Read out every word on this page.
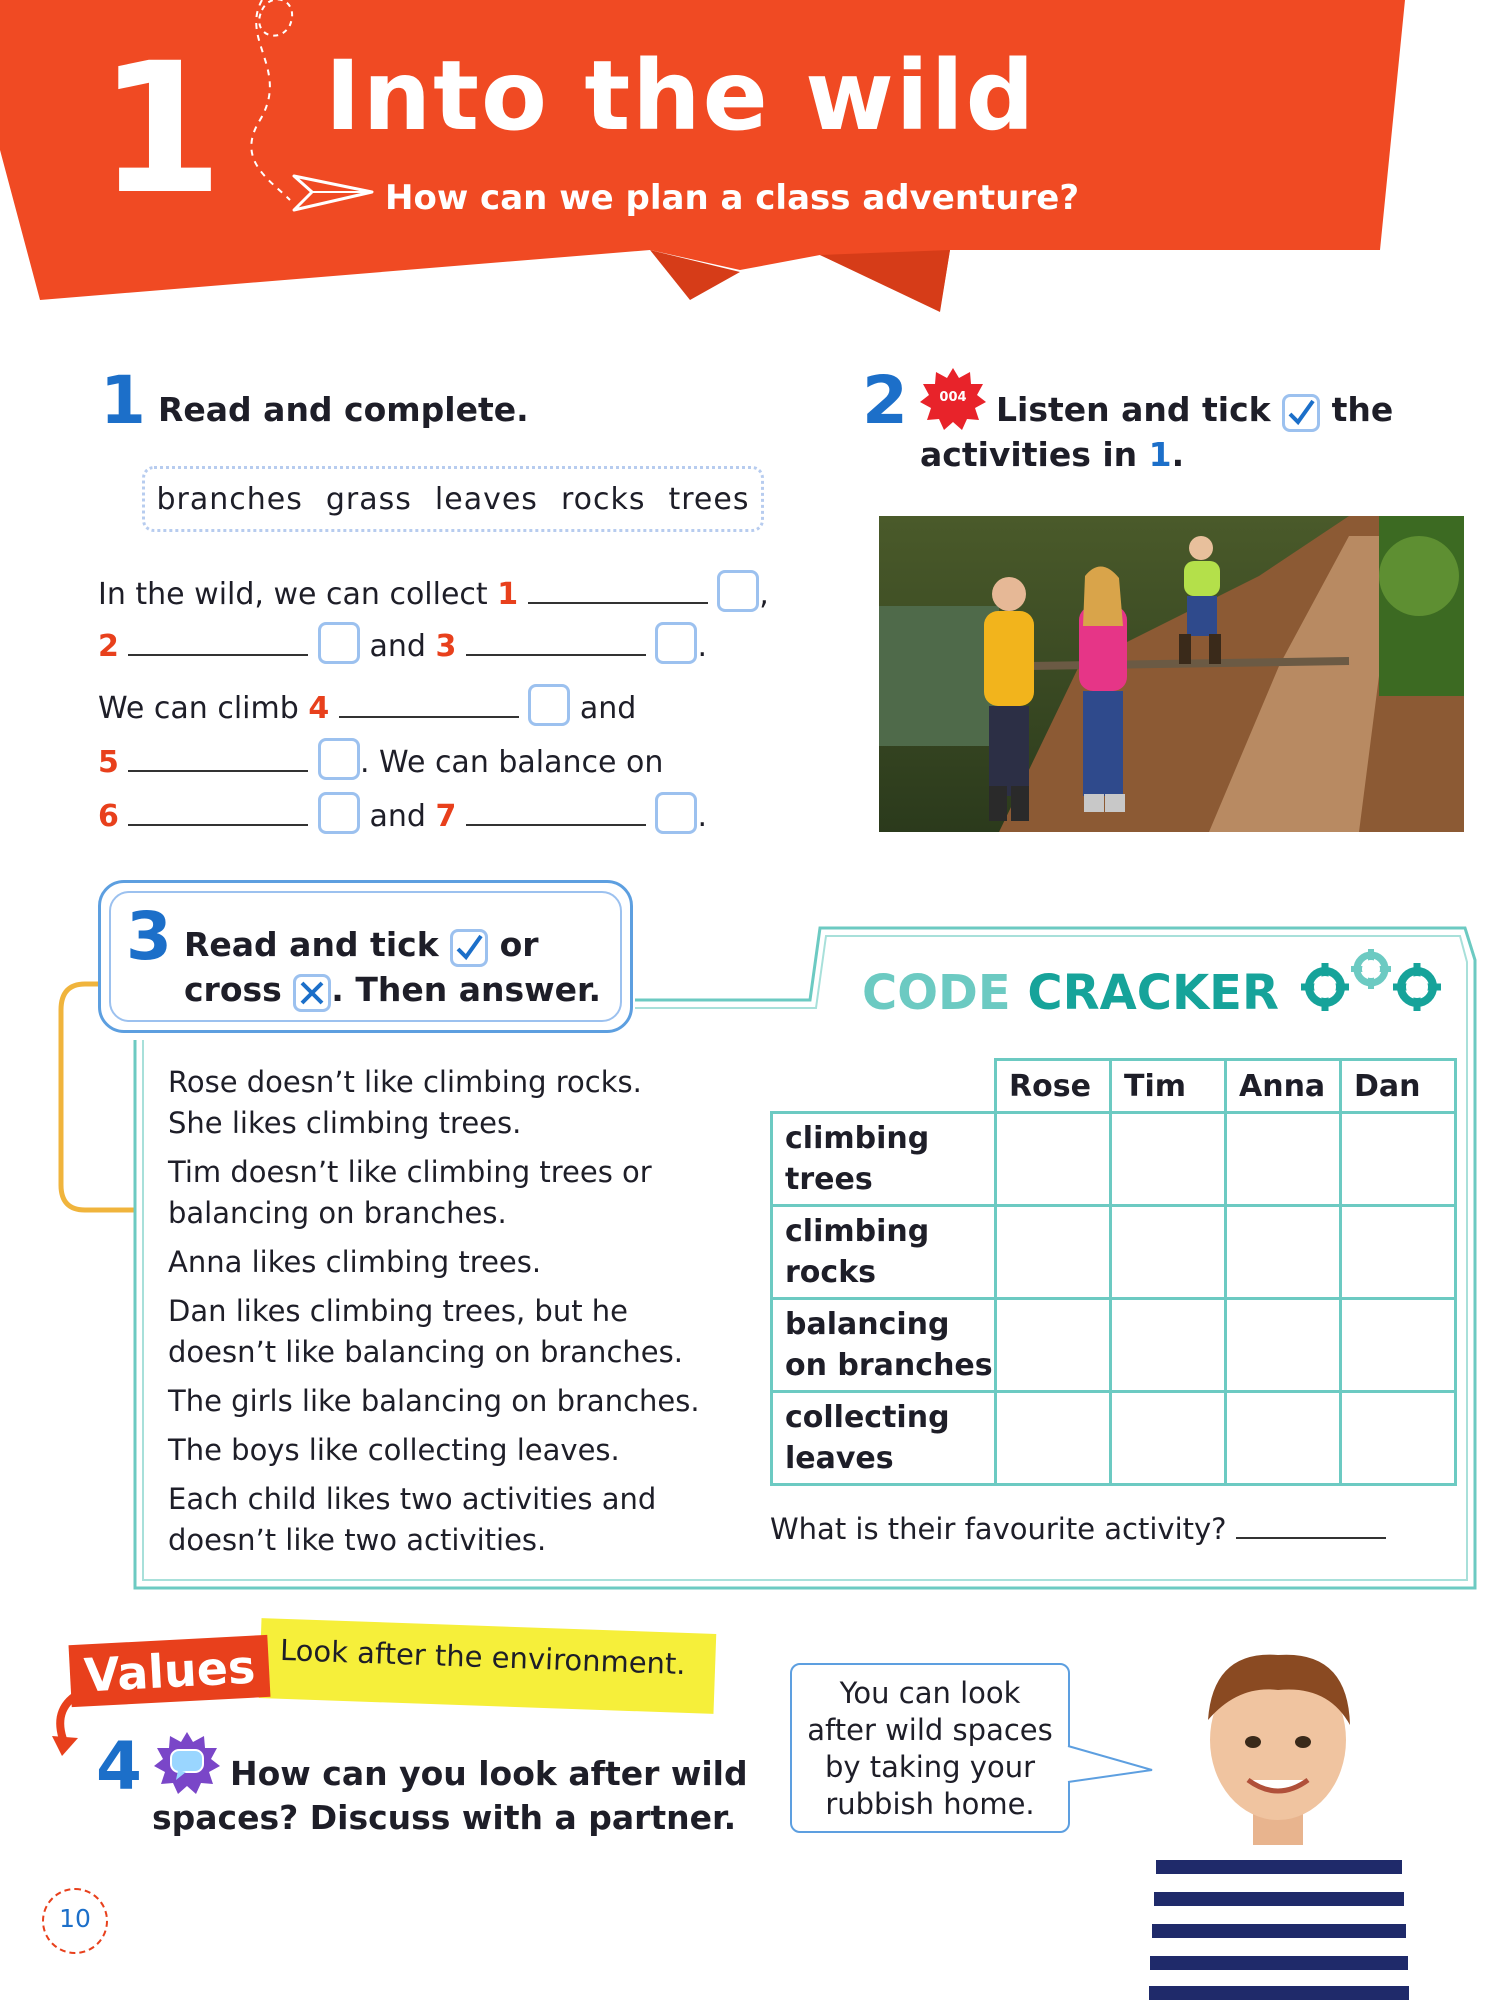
1 Into the wild
How can we plan a class adventure?
1 Read and complete.
branches grass leaves rocks trees
In the wild, we can collect 1	,
2	and 3	.
We can climb 4	and
5	. We can balance on
6	and 7	.
2	004 Listen and tick the
activities in 1.
3 Read and tick or
cross . Then answer.
Rose doesn’t like climbing rocks.
She likes climbing trees.
Tim doesn’t like climbing trees or
balancing on branches.
Anna likes climbing trees.
Dan likes climbing trees, but he
doesn’t like balancing on branches.
The girls like balancing on branches.
The boys like collecting leaves.
Each child likes two activities and
doesn’t like two activities.
CODE CRACKER
	Rose	Tim	Anna	Dan

climbing
trees				

climbing
rocks				

balancing
on branches				

collecting
leaves				

What is their favourite activity?
Look after the environment.
Values
4	How can you look after wild
spaces? Discuss with a partner.
You can look
after wild spaces
by taking your
rubbish home.
10
